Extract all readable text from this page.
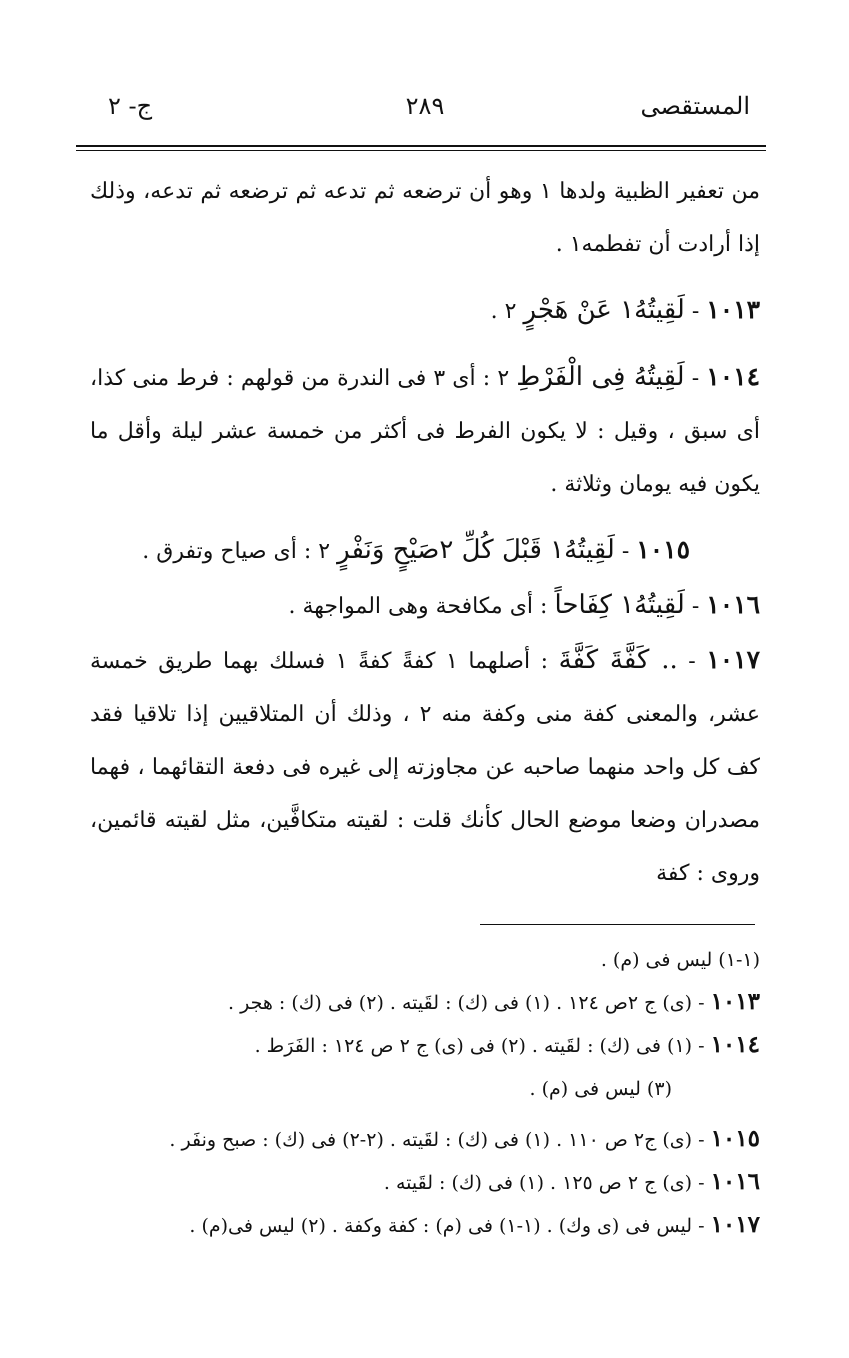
المستقصى
٢٨٩
ج- ٢

من تعفير الظبية ولدها ١ وهو أن ترضعه ثم تدعه ثم ترضعه ثم تدعه، وذلك إذا أرادت أن تفطمه١ .

١٠١٣ - لَقِيتُهُ١ عَنْ هَجْرٍ ٢ .

١٠١٤ - لَقِيتُهُ فِى الْفَرْطِ ٢ : أى ٣ فى الندرة من قولهم : فرط منى كذا، أى سبق ، وقيل : لا يكون الفرط فى أكثر من خمسة عشر ليلة وأقل ما يكون فيه يومان وثلاثة .

١٠١٥ - لَقِيتُهُ١ قَبْلَ كُلِّ ٢صَيْحٍ وَنَفْرٍ ٢ : أى صياح وتفرق .

١٠١٦ - لَقِيتُهُ١ كِفَاحاً : أى مكافحة وهى المواجهة .

١٠١٧ - .. كَفَّةَ كَفَّةَ : أصلهما ١ كفةً كفةً ١ فسلك بهما طريق خمسة عشر، والمعنى كفة منى وكفة منه ٢ ، وذلك أن المتلاقيين إذا تلاقيا فقد كف كل واحد منهما صاحبه عن مجاوزته إلى غيره فى دفعة التقائهما ، فهما مصدران وضعا موضع الحال كأنك قلت : لقيته متكافَّين، مثل لقيته قائمين، وروى : كفة

(١-١) ليس فى (م) .

١٠١٣ - (ى) ج ٢ص ١٢٤ . (١) فى (ك) : لقَيته . (٢) فى (ك) : هجر .

١٠١٤ - (١) فى (ك) : لقَيته . (٢) فى (ى) ج ٢ ص ١٢٤ : الفَرَط .

(٣) ليس فى (م) .

١٠١٥ - (ى) ج٢ ص ١١٠ . (١) فى (ك) : لقَيته . (٢-٢) فى (ك) : صبح ونفَر .

١٠١٦ - (ى) ج ٢ ص ١٢٥ . (١) فى (ك) : لقَيته .

١٠١٧ - ليس فى (ى وك) . (١-١) فى (م) : كفة وكفة . (٢) ليس فى(م) .
